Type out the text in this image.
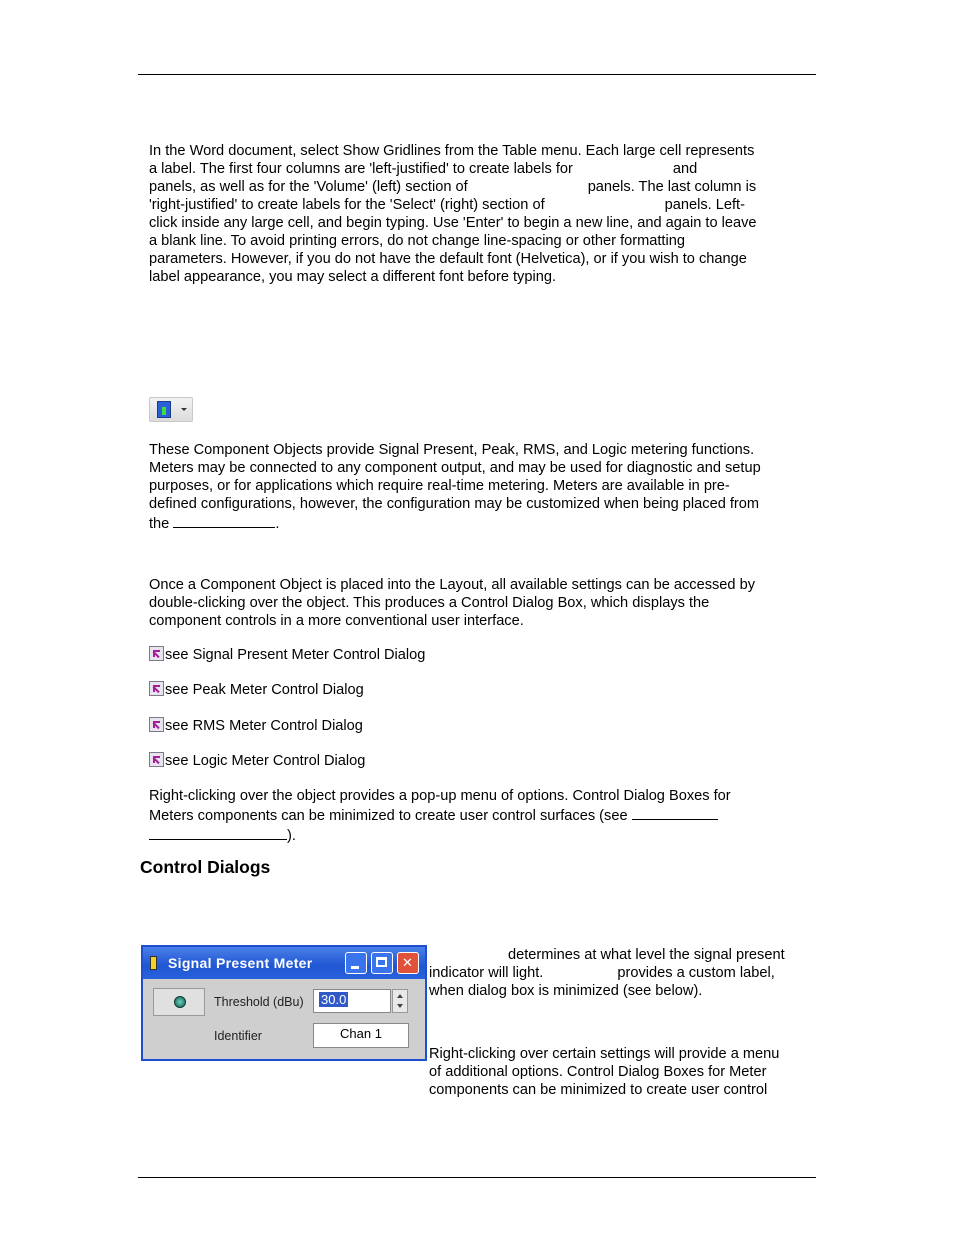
In the Word document, select Show Gridlines from the Table menu. Each large cell represents
a label. The first four columns are 'left-justified' to create labels for	and
panels, as well as for the 'Volume' (left) section of	panels. The last column is
'right-justified' to create labels for the 'Select' (right) section of	panels. Left-
click inside any large cell, and begin typing. Use 'Enter' to begin a new line, and again to leave
a blank line. To avoid printing errors, do not change line-spacing or other formatting
parameters. However, if you do not have the default font (Helvetica), or if you wish to change
label appearance, you may select a different font before typing.
These Component Objects provide Signal Present, Peak, RMS, and Logic metering functions.
Meters may be connected to any component output, and may be used for diagnostic and setup
purposes, or for applications which require real-time metering. Meters are available in pre-
defined configurations, however, the configuration may be customized when being placed from
the	.
Once a Component Object is placed into the Layout, all available settings can be accessed by
double-clicking over the object. This produces a Control Dialog Box, which displays the
component controls in a more conventional user interface.
see Signal Present Meter Control Dialog
see Peak Meter Control Dialog
see RMS Meter Control Dialog
see Logic Meter Control Dialog
Right-clicking over the object provides a pop-up menu of options. Control Dialog Boxes for
Meters components can be minimized to create user control surfaces (see
).
Control Dialogs
Signal Present Meter
✕
Threshold (dBu)	30.0
Identifier	Chan 1
determines at what level the signal present
indicator will light.	provides a custom label,
when dialog box is minimized (see below).
Right-clicking over certain settings will provide a menu
of additional options. Control Dialog Boxes for Meter
components can be minimized to create user control
